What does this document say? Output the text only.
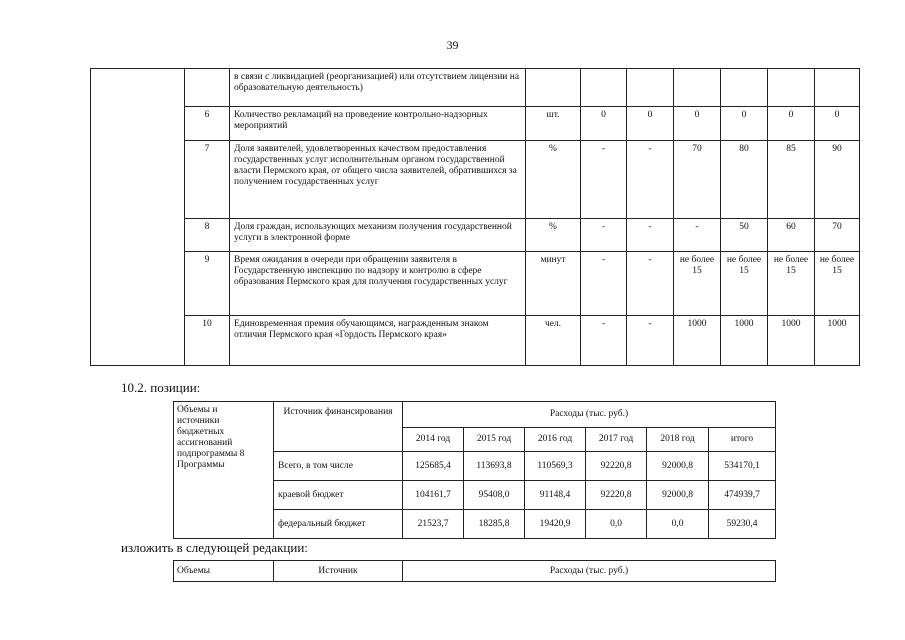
39
		в связи с ликвидацией (реорганизацией) или отсутствием лицензии на образовательную деятельность)							
	6	Количество рекламаций на проведение контрольно-надзорных мероприятий	шт.	0	0	0	0	0	0
	7	Доля заявителей, удовлетворенных качеством предоставления государственных услуг исполнительным органом государственной власти Пермского края, от общего числа заявителей, обратившихся за получением государственных услуг	%	-	-	70	80	85	90
	8	Доля граждан, использующих механизм получения государственной услуги в электронной форме	%	-	-	-	50	60	70
	9	Время ожидания в очереди при обращении заявителя в Государственную инспекцию по надзору и контролю в сфере образования Пермского края для получения государственных услуг	минут	-	-	не более 15	не более 15	не более 15	не более 15
	10	Единовременная премия обучающимся, награжденным знаком отличия Пермского края «Гордость Пермского края»	чел.	-	-	1000	1000	1000	1000
10.2. позиции:
Объемы и источники бюджетных ассигнований подпрограммы 8 Программы	Источник финансирования	Расходы (тыс. руб.)					
		2014 год	2015 год	2016 год	2017 год	2018 год	итого
	Всего, в том числе	125685,4	113693,8	110569,3	92220,8	92000,8	534170,1
	краевой бюджет	104161,7	95408,0	91148,4	92220,8	92000,8	474939,7
	федеральный бюджет	21523,7	18285,8	19420,9	0,0	0,0	59230,4
изложить в следующей редакции:
Объемы	Источник	Расходы (тыс. руб.)
